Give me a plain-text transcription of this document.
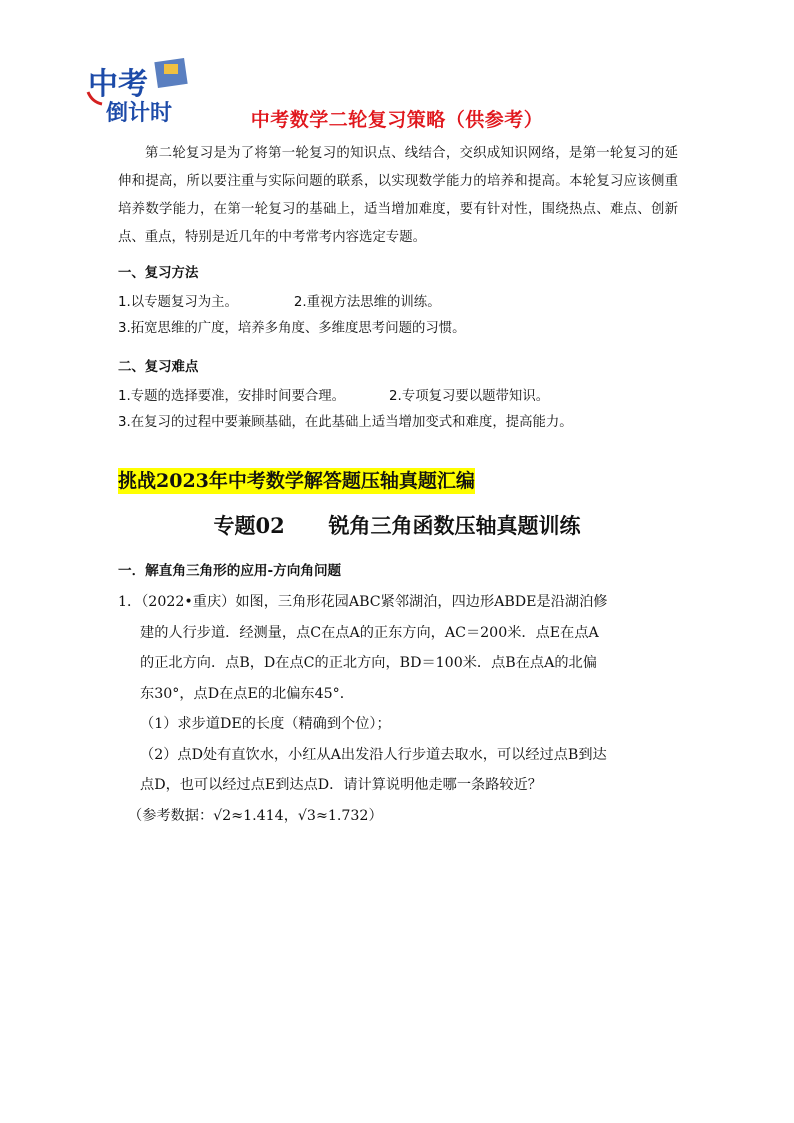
中考
倒计时	中考数学二轮复习策略（供参考）
第二轮复习是为了将第一轮复习的知识点、线结合，交织成知识网络，是第一轮复习的延伸和提高，所以要注重与实际问题的联系，以实现数学能力的培养和提高。本轮复习应该侧重培养数学能力，在第一轮复习的基础上，适当增加难度，要有针对性，围绕热点、难点、创新点、重点，特别是近几年的中考常考内容选定专题。
一、复习方法
1.以专题复习为主。	2.重视方法思维的训练。
3.拓宽思维的广度，培养多角度、多维度思考问题的习惯。
二、复习难点
1.专题的选择要准，安排时间要合理。	2.专项复习要以题带知识。
3.在复习的过程中要兼顾基础，在此基础上适当增加变式和难度，提高能力。
挑战2023年中考数学解答题压轴真题汇编
专题02      锐角三角函数压轴真题训练
一．解直角三角形的应用-方向角问题
1．（2022•重庆）如图，三角形花园ABC紧邻湖泊，四边形ABDE是沿湖泊修
建的人行步道．经测量，点C在点A的正东方向，AC＝200米．点E在点A
的正北方向．点B，D在点C的正北方向，BD＝100米．点B在点A的北偏
东30°，点D在点E的北偏东45°．
（1）求步道DE的长度（精确到个位）；
（2）点D处有直饮水，小红从A出发沿人行步道去取水，可以经过点B到达
点D，也可以经过点E到达点D．请计算说明他走哪一条路较近？
（参考数据：√2≈1.414，√3≈1.732）
